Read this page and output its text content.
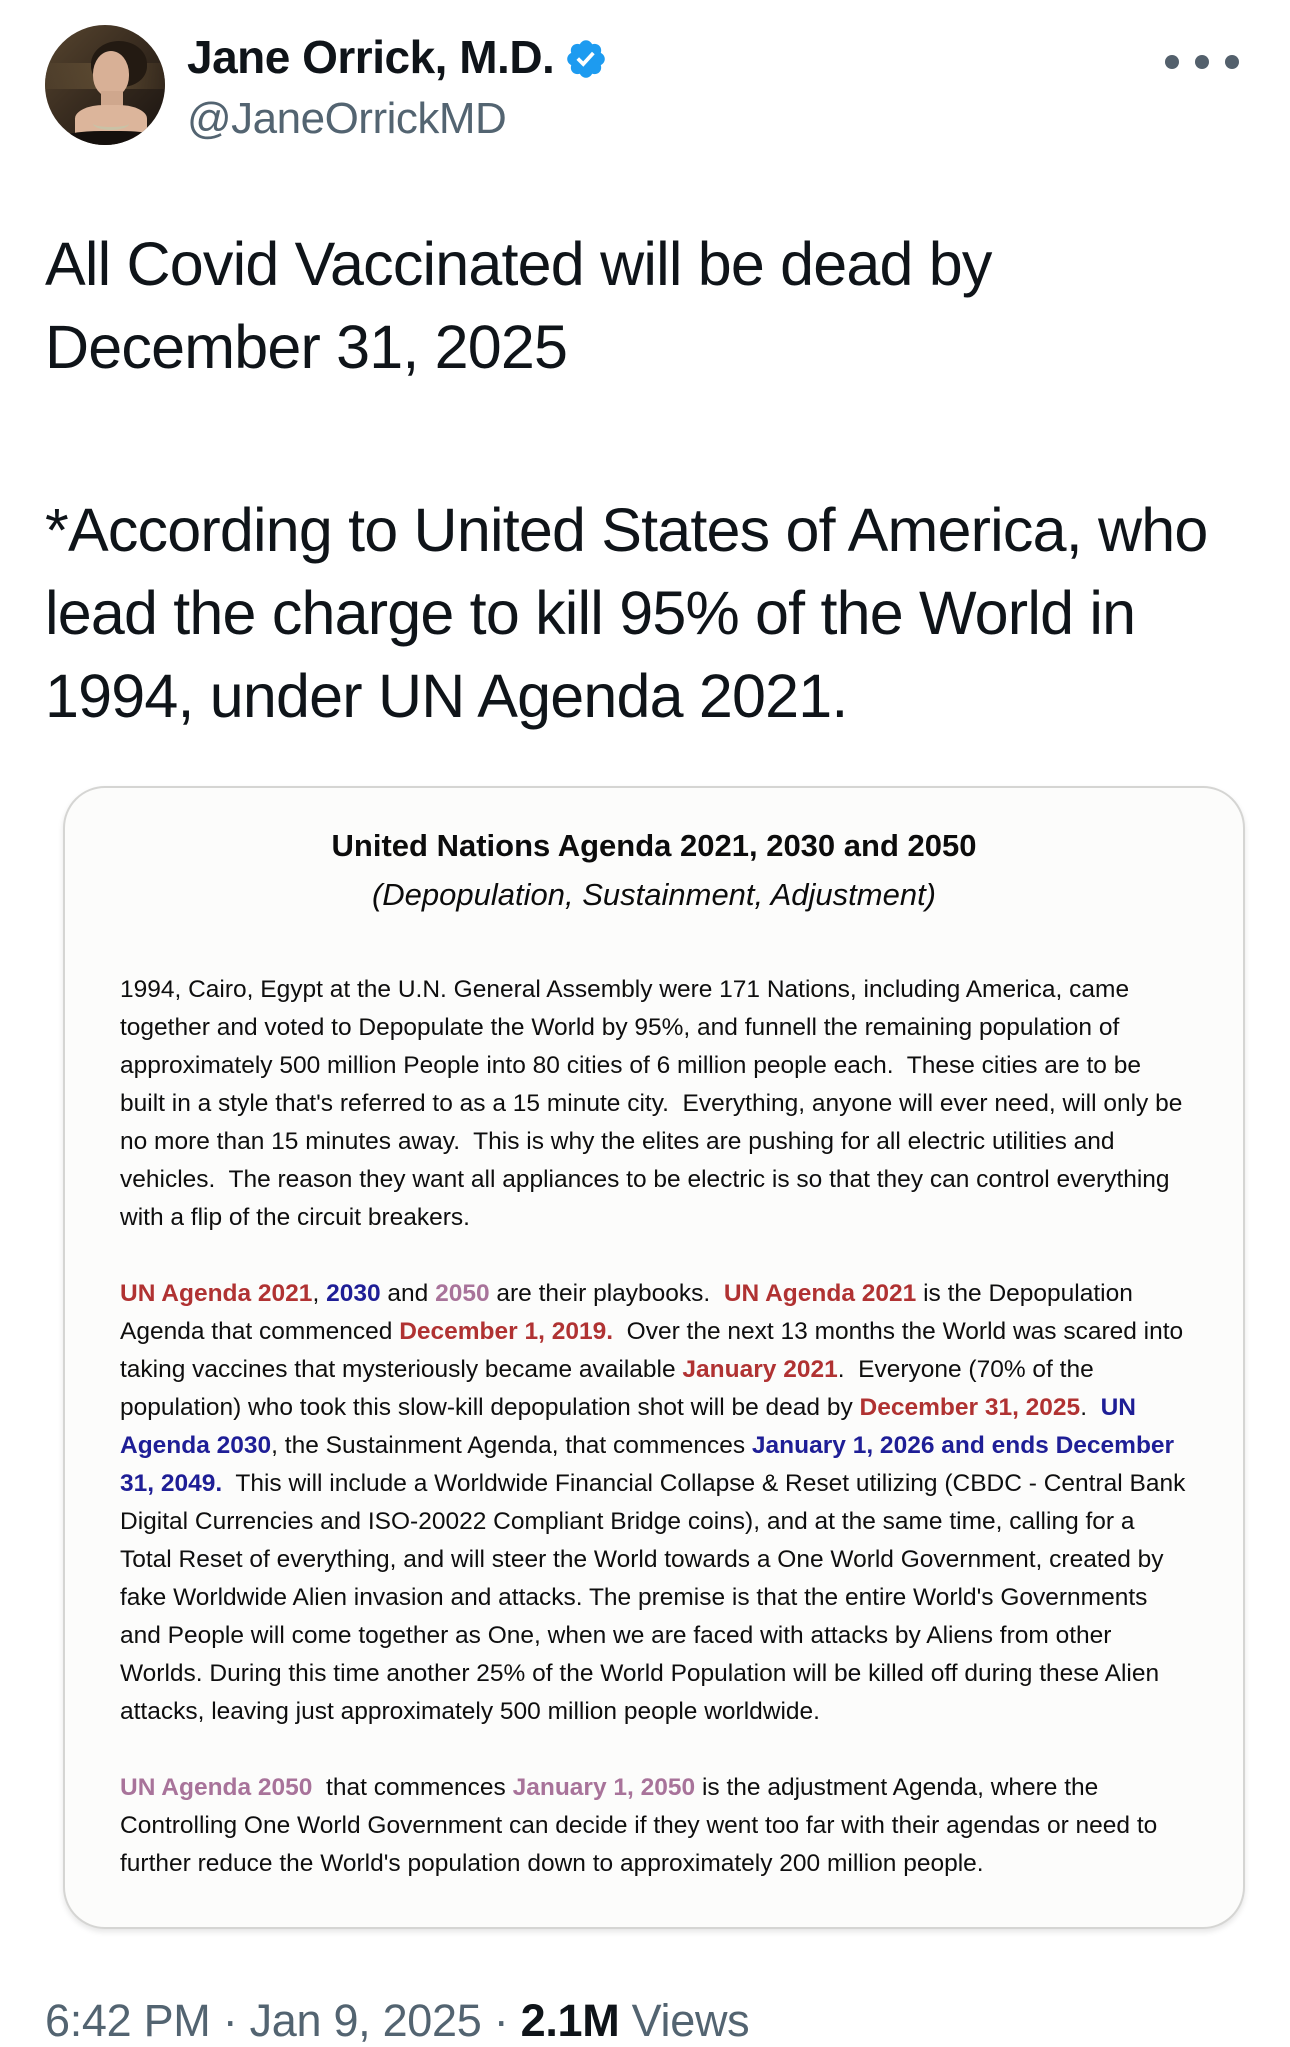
Jane Orrick, M.D.
@JaneOrrickMD

All Covid Vaccinated will be dead by December 31, 2025

*According to United States of America, who lead the charge to kill 95% of the World in 1994, under UN Agenda 2021.

United Nations Agenda 2021, 2030 and 2050
(Depopulation, Sustainment, Adjustment)

1994, Cairo, Egypt at the U.N. General Assembly were 171 Nations, including America, came together and voted to Depopulate the World by 95%, and funnell the remaining population of approximately 500 million People into 80 cities of 6 million people each.  These cities are to be built in a style that's referred to as a 15 minute city.  Everything, anyone will ever need, will only be no more than 15 minutes away.  This is why the elites are pushing for all electric utilities and vehicles.  The reason they want all appliances to be electric is so that they can control everything with a flip of the circuit breakers.

UN Agenda 2021, 2030 and 2050 are their playbooks.  UN Agenda 2021 is the Depopulation Agenda that commenced December 1, 2019.  Over the next 13 months the World was scared into taking vaccines that mysteriously became available January 2021.  Everyone (70% of the population) who took this slow-kill depopulation shot will be dead by December 31, 2025.  UN Agenda 2030, the Sustainment Agenda, that commences January 1, 2026 and ends December 31, 2049.  This will include a Worldwide Financial Collapse & Reset utilizing (CBDC - Central Bank Digital Currencies and ISO-20022 Compliant Bridge coins), and at the same time, calling for a Total Reset of everything, and will steer the World towards a One World Government, created by fake Worldwide Alien invasion and attacks. The premise is that the entire World's Governments and People will come together as One, when we are faced with attacks by Aliens from other Worlds. During this time another 25% of the World Population will be killed off during these Alien attacks, leaving just approximately 500 million people worldwide.

UN Agenda 2050  that commences January 1, 2050 is the adjustment Agenda, where the Controlling One World Government can decide if they went too far with their agendas or need to further reduce the World's population down to approximately 200 million people.

6:42 PM · Jan 9, 2025 · 2.1M Views
